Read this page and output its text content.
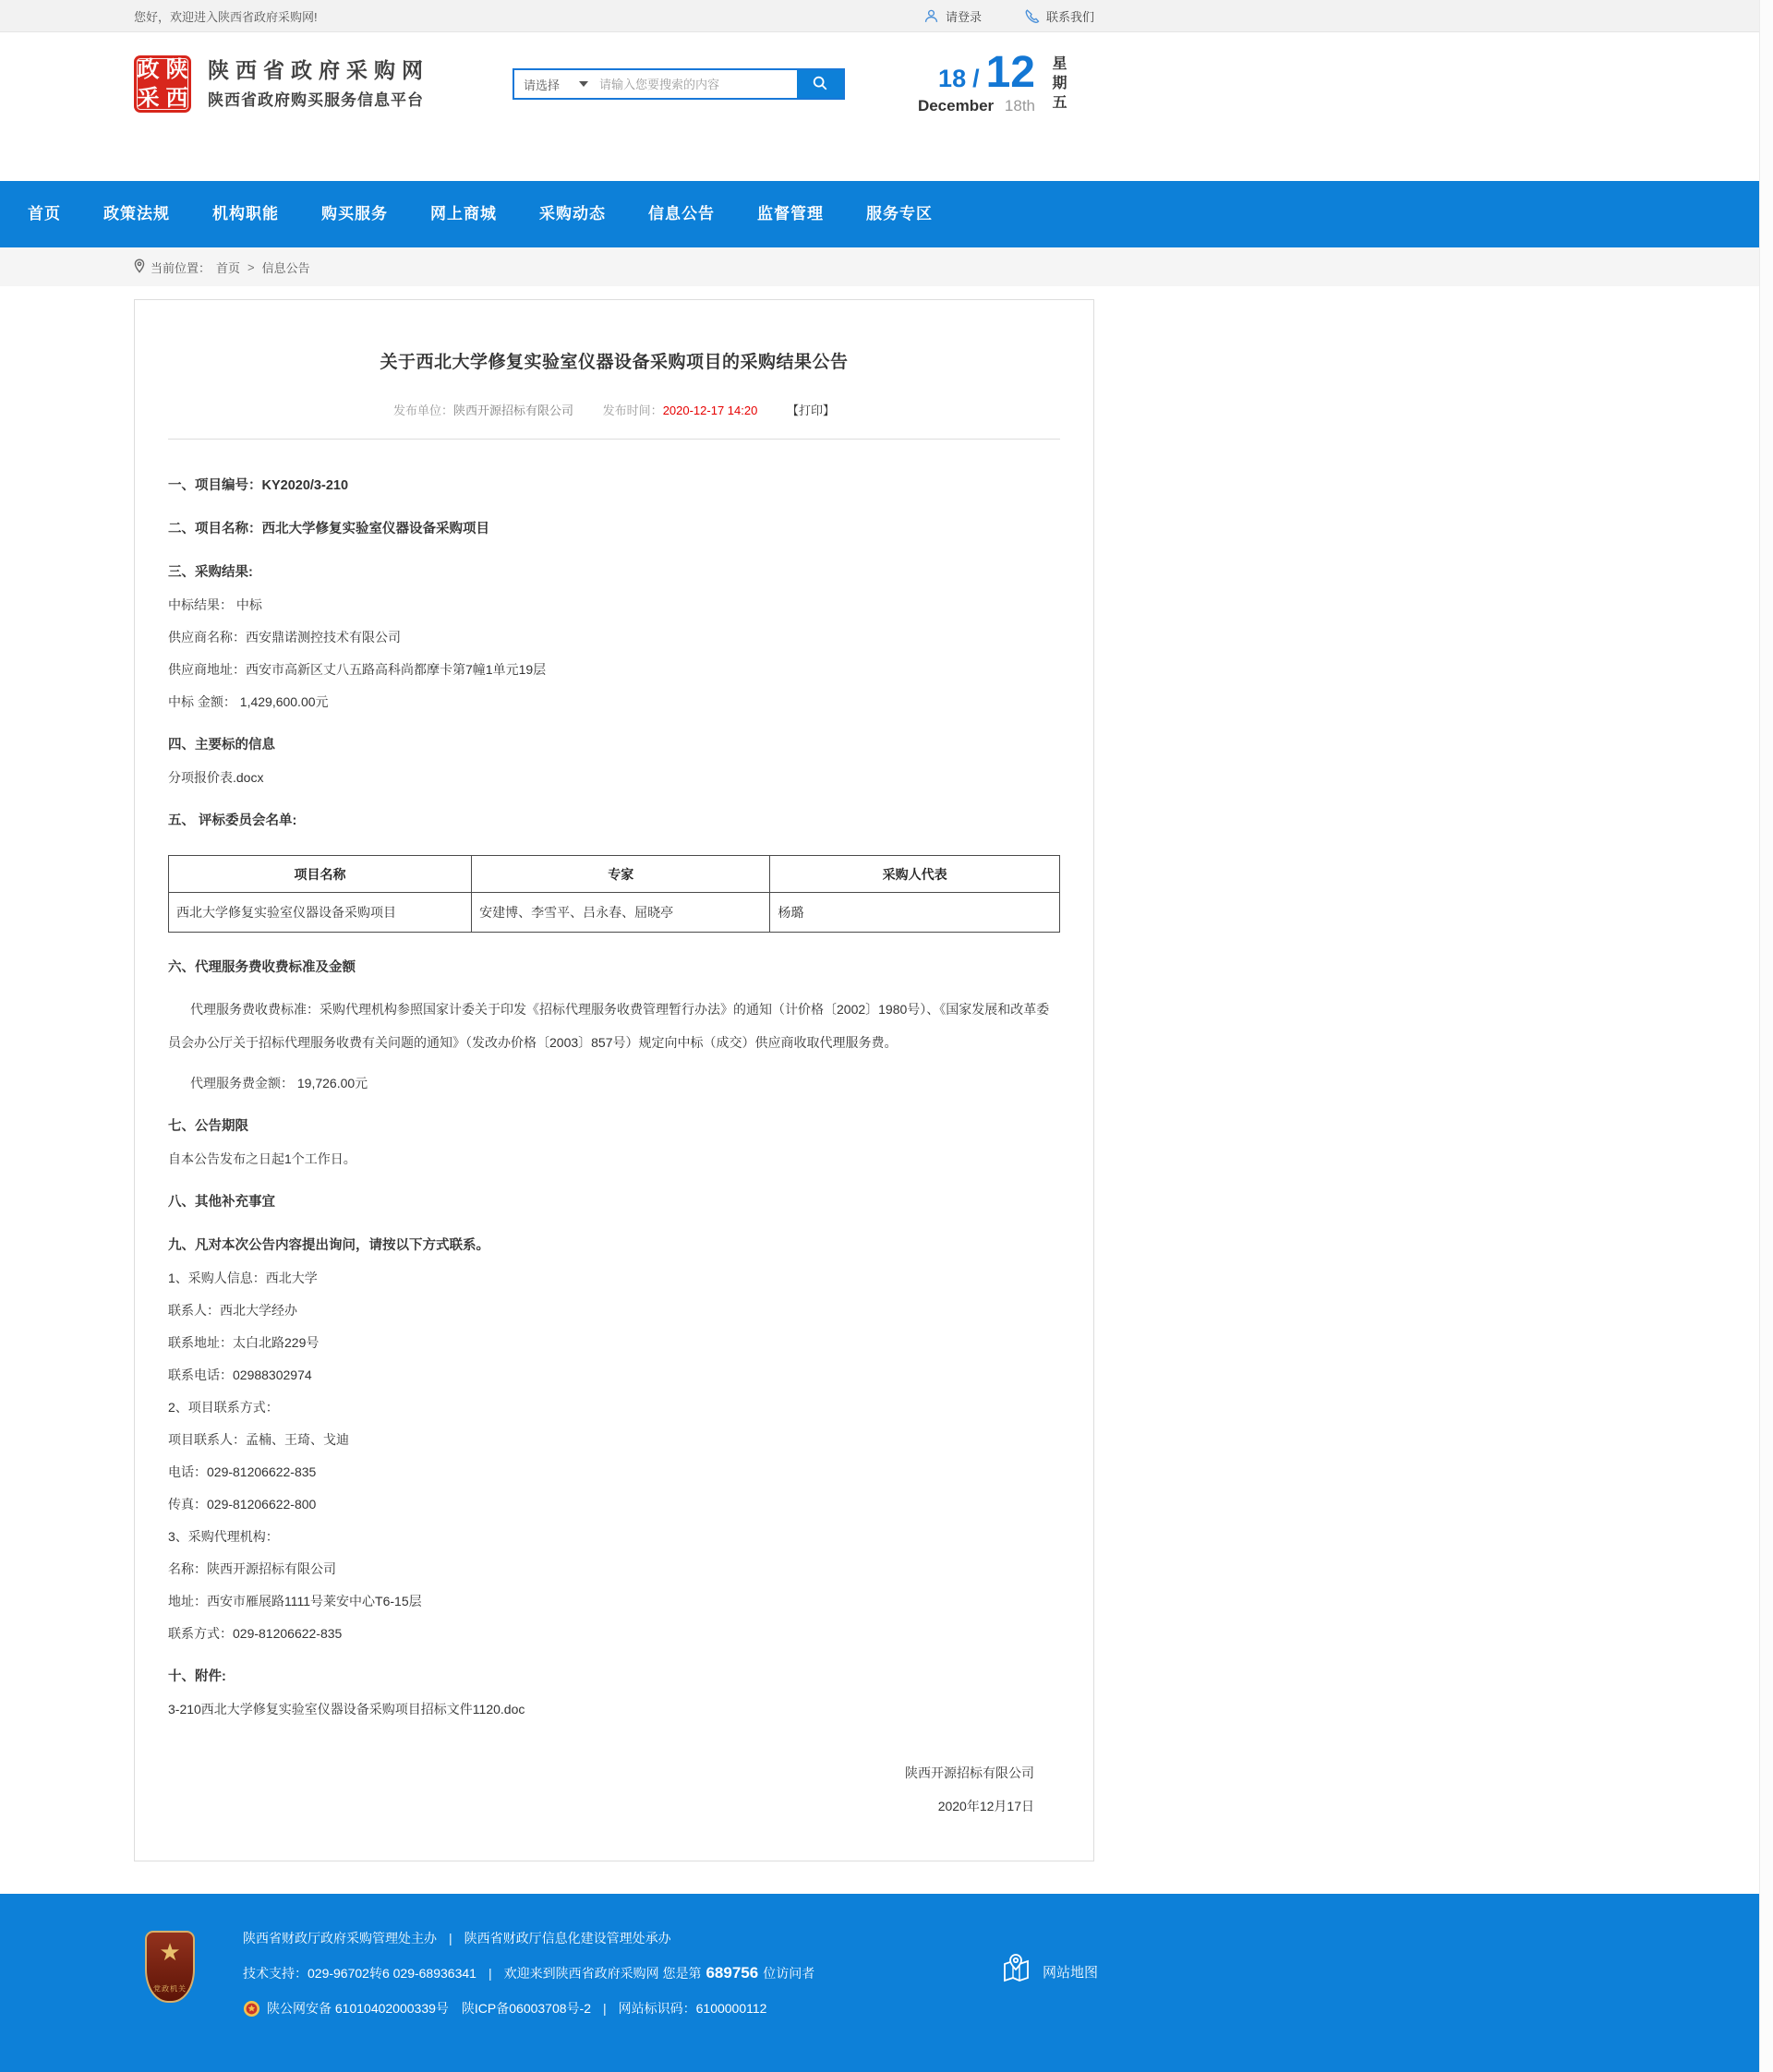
您好，欢迎进入陕西省政府采购网!	请登录	联系我们
政 陕
采 西
陕西省政府采购网
陕西省政府购买服务信息平台
请选择
请输入您要搜索的内容	18 / 12
December 18th 星期五
首页	政策法规	机构职能	购买服务	网上商城	采购动态	信息公告	监督管理	服务专区
当前位置： 首页 > 信息公告
关于西北大学修复实验室仪器设备采购项目的采购结果公告
发布单位：陕西开源招标有限公司 发布时间：2020-12-17 14:20 【打印】

一、项目编号：KY2020/3-210

二、项目名称：西北大学修复实验室仪器设备采购项目

三、采购结果:

中标结果： 中标

供应商名称：西安鼎诺测控技术有限公司

供应商地址：西安市高新区丈八五路高科尚都摩卡第7幢1单元19层

中标 金额： 1,429,600.00元

四、主要标的信息

分项报价表.docx

五、 评标委员会名单:

项目名称	专家	采购人代表
西北大学修复实验室仪器设备采购项目	安建博、李雪平、吕永春、屈晓亭	杨璐

六、代理服务费收费标准及金额

代理服务费收费标准：采购代理机构参照国家计委关于印发《招标代理服务收费管理暂行办法》的通知（计价格〔2002〕1980号）、《国家发展和改革委员会办公厅关于招标代理服务收费有关问题的通知》（发改办价格〔2003〕857号）规定向中标（成交）供应商收取代理服务费。

代理服务费金额： 19,726.00元

七、公告期限

自本公告发布之日起1个工作日。

八、其他补充事宜

九、凡对本次公告内容提出询问，请按以下方式联系。

1、采购人信息：西北大学

联系人：西北大学经办

联系地址：太白北路229号

联系电话：02988302974

2、项目联系方式：

项目联系人：孟楠、王琦、戈迪

电话：029-81206622-835

传真：029-81206622-800

3、采购代理机构：

名称：陕西开源招标有限公司

地址：西安市雁展路1111号莱安中心T6-15层

联系方式：029-81206622-835

十、附件:

3-210西北大学修复实验室仪器设备采购项目招标文件1120.doc

陕西开源招标有限公司
2020年12月17日
★
党政机关
陕西省财政厅政府采购管理处主办 | 陕西省财政厅信息化建设管理处承办
技术支持：029-96702转6 029-68936341 | 欢迎来到陕西省政府采购网 您是第 689756 位访问者
陕公网安备 61010402000339号 陕ICP备06003708号-2 | 网站标识码：6100000112
网站地图
